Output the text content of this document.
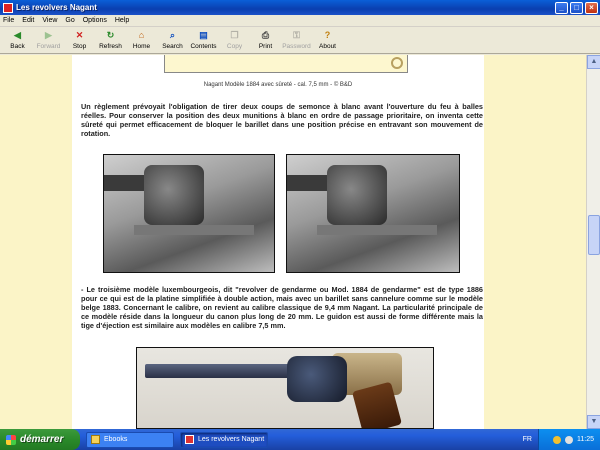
Les revolvers Nagant	_	□	×
File Edit View Go Options Help
◀
Back
▶
Forward
✕
Stop
↻
Refresh
⌂
Home
⌕
Search
▤
Contents
❐
Copy
⎙
Print
⚿
Password
?
About
Nagant Modèle 1884 avec sûreté - cal. 7,5 mm - © B&D
Un règlement prévoyait l'obligation de tirer deux coups de semonce à blanc avant l'ouverture du feu à balles réelles. Pour conserver la position des deux munitions à blanc en ordre de passage prioritaire, on inventa cette sûreté qui permet efficacement de bloquer le barillet dans une position précise en entravant son mouvement de rotation.
- Le troisième modèle luxembourgeois, dit "revolver de gendarme ou Mod. 1884 de gendarme" est de type 1886 pour ce qui est de la platine simplifiée à double action, mais avec un barillet sans cannelure comme sur le modèle belge 1883. Concernant le calibre, on revient au calibre classique de 9,4 mm Nagant. La particularité principale de ce modèle réside dans la longueur du canon plus long de 20 mm. Le guidon est aussi de forme différente mais la tige d'éjection est similaire aux modèles en calibre 7,5 mm.
▲
▼
démarrer	Ebooks	Les revolvers Nagant	FR	11:25
